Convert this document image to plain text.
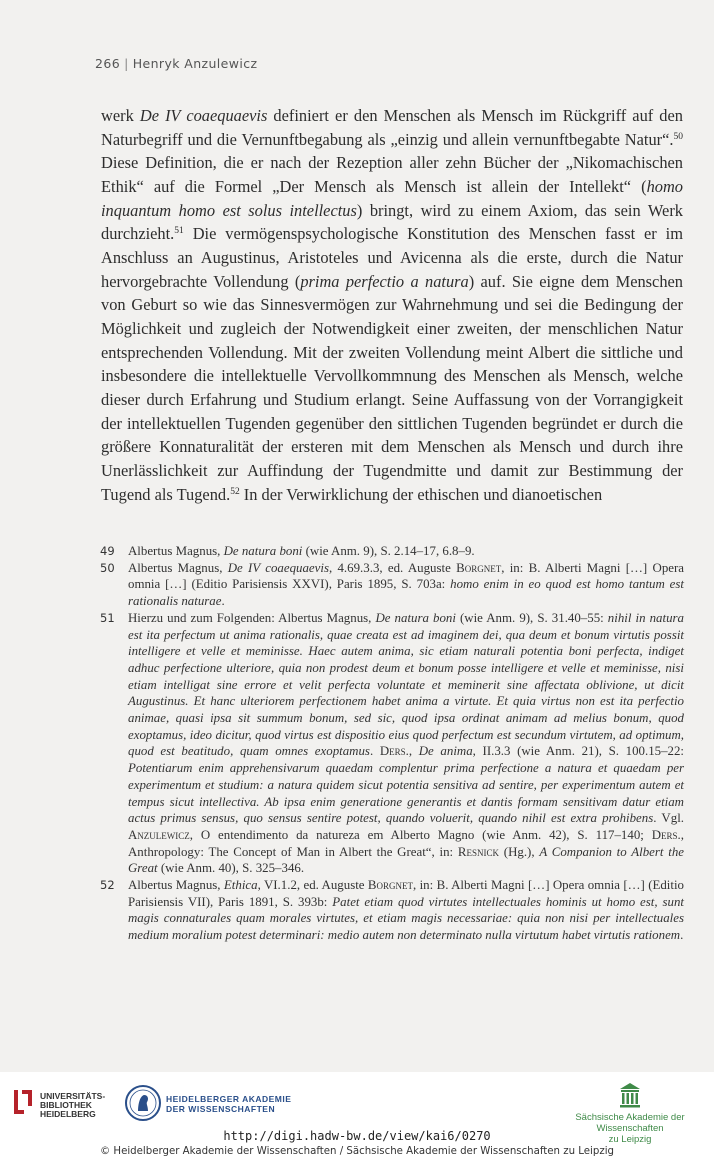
266 | Henryk Anzulewicz
werk De IV coaequaevis definiert er den Menschen als Mensch im Rückgriff auf den Naturbegriff und die Vernunftbegabung als „einzig und allein vernunftbegabte Natur“.$^{50}$ Diese Definition, die er nach der Rezeption aller zehn Bücher der „Nikomachischen Ethik“ auf die Formel „Der Mensch als Mensch ist allein der Intellekt“ (homo inquantum homo est solus intellectus) bringt, wird zu einem Axiom, das sein Werk durchzieht.$^{51}$ Die vermögenspsychologische Konstitution des Menschen fasst er im Anschluss an Augustinus, Aristoteles und Avicenna als die erste, durch die Natur hervorgebrachte Vollendung (prima perfectio a natura) auf. Sie eigne dem Menschen von Geburt so wie das Sinnesvermögen zur Wahrnehmung und sei die Bedingung der Möglichkeit und zugleich der Notwendigkeit einer zweiten, der menschlichen Natur entsprechenden Vollendung. Mit der zweiten Vollendung meint Albert die sittliche und insbesondere die intellektuelle Vervollkommnung des Menschen als Mensch, welche dieser durch Erfahrung und Studium erlangt. Seine Auffassung von der Vorrangigkeit der intellektuellen Tugenden gegenüber den sittlichen Tugenden begründet er durch die größere Konnaturalität der ersteren mit dem Menschen als Mensch und durch ihre Unerlässlichkeit zur Auffindung der Tugendmitte und damit zur Bestimmung der Tugend als Tugend.$^{52}$ In der Verwirklichung der ethischen und dianoetischen
49 Albertus Magnus, De natura boni (wie Anm. 9), S. 2.14–17, 6.8–9.
50 Albertus Magnus, De IV coaequaevis, 4.69.3.3, ed. Auguste Borgnet, in: B. Alberti Magni […] Opera omnia […] (Editio Parisiensis XXVI), Paris 1895, S. 703a: homo enim in eo quod est homo tantum est rationalis naturae.
51 Hierzu und zum Folgenden: Albertus Magnus, De natura boni (wie Anm. 9), S. 31.40–55: nihil in natura est ita perfectum ut anima rationalis, quae creata est ad imaginem dei, qua deum et bonum virtutis possit intelligere et velle et meminisse. Haec autem anima, sic etiam naturali potentia boni perfecta, indiget adhuc perfectione ulteriore, quia non prodest deum et bonum posse intelligere et velle et meminisse, nisi etiam intelligat sine errore et velit perfecta voluntate et meminerit sine affectata oblivione, ut dicit Augustinus. Et hanc ulteriorem perfectionem habet anima a virtute. Et quia virtus non est ita perfectio animae, quasi ipsa sit summum bonum, sed sic, quod ipsa ordinat animam ad melius bonum, quod exoptamus, ideo dicitur, quod virtus est dispositio eius quod perfectum est secundum virtutem, ad optimum, quod est beatitudo, quam omnes exoptamus. Ders., De anima, II.3.3 (wie Anm. 21), S. 100.15–22: Potentiarum enim apprehensivarum quaedam complentur prima perfectione a natura et quaedam per experimentum et studium: a natura quidem sicut potentia sensitiva ad sentire, per experimentum autem et tempus sicut intellectiva. Ab ipsa enim generatione generantis et dantis formam sensitivam datur etiam actus primus sensus, quo sensus sentire potest, quando voluerit, quando nihil est extra prohibens. Vgl. Anzulewicz, O entendimento da natureza em Alberto Magno (wie Anm. 42), S. 117–140; Ders., Anthropology: The Concept of Man in Albert the Great“, in: Resnick (Hg.), A Companion to Albert the Great (wie Anm. 40), S. 325–346.
52 Albertus Magnus, Ethica, VI.1.2, ed. Auguste Borgnet, in: B. Alberti Magni […] Opera omnia […] (Editio Parisiensis VII), Paris 1891, S. 393b: Patet etiam quod virtutes intellectuales hominis ut homo est, sunt magis connaturales quam morales virtutes, et etiam magis necessariae: quia non nisi per intellectuales medium moralium potest determinari: medio autem non determinato nulla virtutum habet virtutis rationem.
UNIVERSITÄTS-
BIBLIOTHEK
HEIDELBERG
HEIDELBERGER AKADEMIE
DER WISSENSCHAFTEN
Sächsische Akademie der Wissenschaften
zu Leipzig
http://digi.hadw-bw.de/view/kai6/0270
© Heidelberger Akademie der Wissenschaften / Sächsische Akademie der Wissenschaften zu Leipzig
